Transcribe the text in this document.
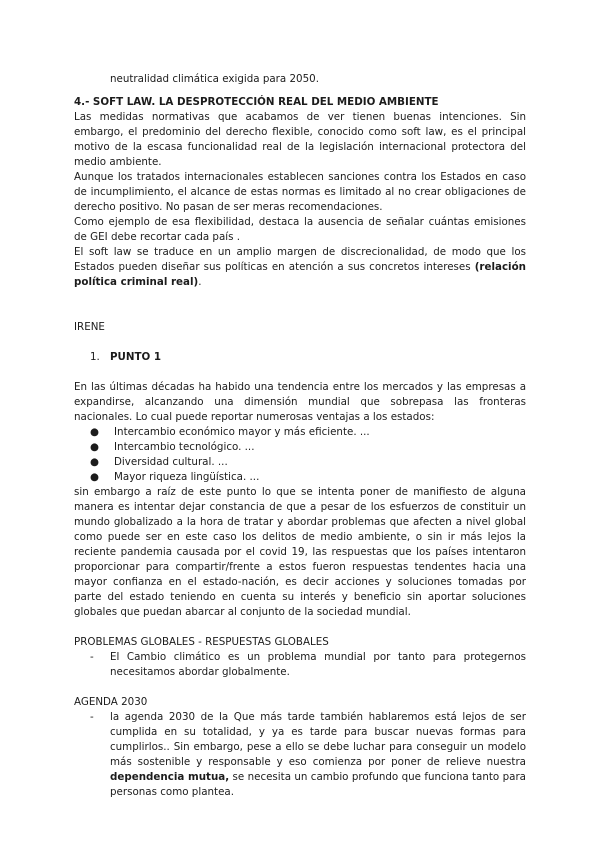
neutralidad climática exigida para 2050.

4.- SOFT LAW. LA DESPROTECCIÓN REAL DEL MEDIO AMBIENTE

Las medidas normativas que acabamos de ver tienen buenas intenciones. Sin embargo, el predominio del derecho flexible, conocido como soft law, es el principal motivo de la escasa funcionalidad real de la legislación internacional protectora del medio ambiente.

Aunque los tratados internacionales establecen sanciones contra los Estados en caso de incumplimiento, el alcance de estas normas es limitado al no crear obligaciones de derecho positivo. No pasan de ser meras recomendaciones.

Como ejemplo de esa flexibilidad, destaca la ausencia de señalar cuántas emisiones de GEI debe recortar cada país .

El soft law se traduce en un amplio margen de discrecionalidad, de modo que los Estados pueden diseñar sus políticas en atención a sus concretos intereses (relación política criminal real).

IRENE

1. PUNTO 1

En las últimas décadas ha habido una tendencia entre los mercados y las empresas a expandirse, alcanzando una dimensión mundial que sobrepasa las fronteras nacionales. Lo cual puede reportar numerosas ventajas a los estados:

●	Intercambio económico mayor y más eficiente. ...
●	Intercambio tecnológico. ...
●	Diversidad cultural. ...
●	Mayor riqueza lingüística. ...

sin embargo a raíz de este punto lo que se intenta poner de manifiesto de alguna manera es intentar dejar constancia de que a pesar de los esfuerzos de constituir un mundo globalizado a la hora de tratar y abordar problemas que afecten a nivel global como puede ser en este caso los delitos de medio ambiente, o sin ir más lejos la reciente pandemia causada por el covid 19, las respuestas que los países intentaron proporcionar para compartir/frente a estos fueron respuestas tendentes hacia una mayor confianza en el estado-nación, es decir acciones y soluciones tomadas por parte del estado teniendo en cuenta su interés y beneficio sin aportar soluciones globales que puedan abarcar al conjunto de la sociedad mundial.

PROBLEMAS GLOBALES - RESPUESTAS GLOBALES

-	El Cambio climático es un problema mundial por tanto para protegernos necesitamos abordar globalmente.

AGENDA 2030

-	la agenda 2030 de la Que más tarde también hablaremos está lejos de ser cumplida en su totalidad, y ya es tarde para buscar nuevas formas para cumplirlos.. Sin embargo, pese a ello se debe luchar para conseguir un modelo más sostenible y responsable y eso comienza por poner de relieve nuestra dependencia mutua, se necesita un cambio profundo que funciona tanto para personas como plantea.
